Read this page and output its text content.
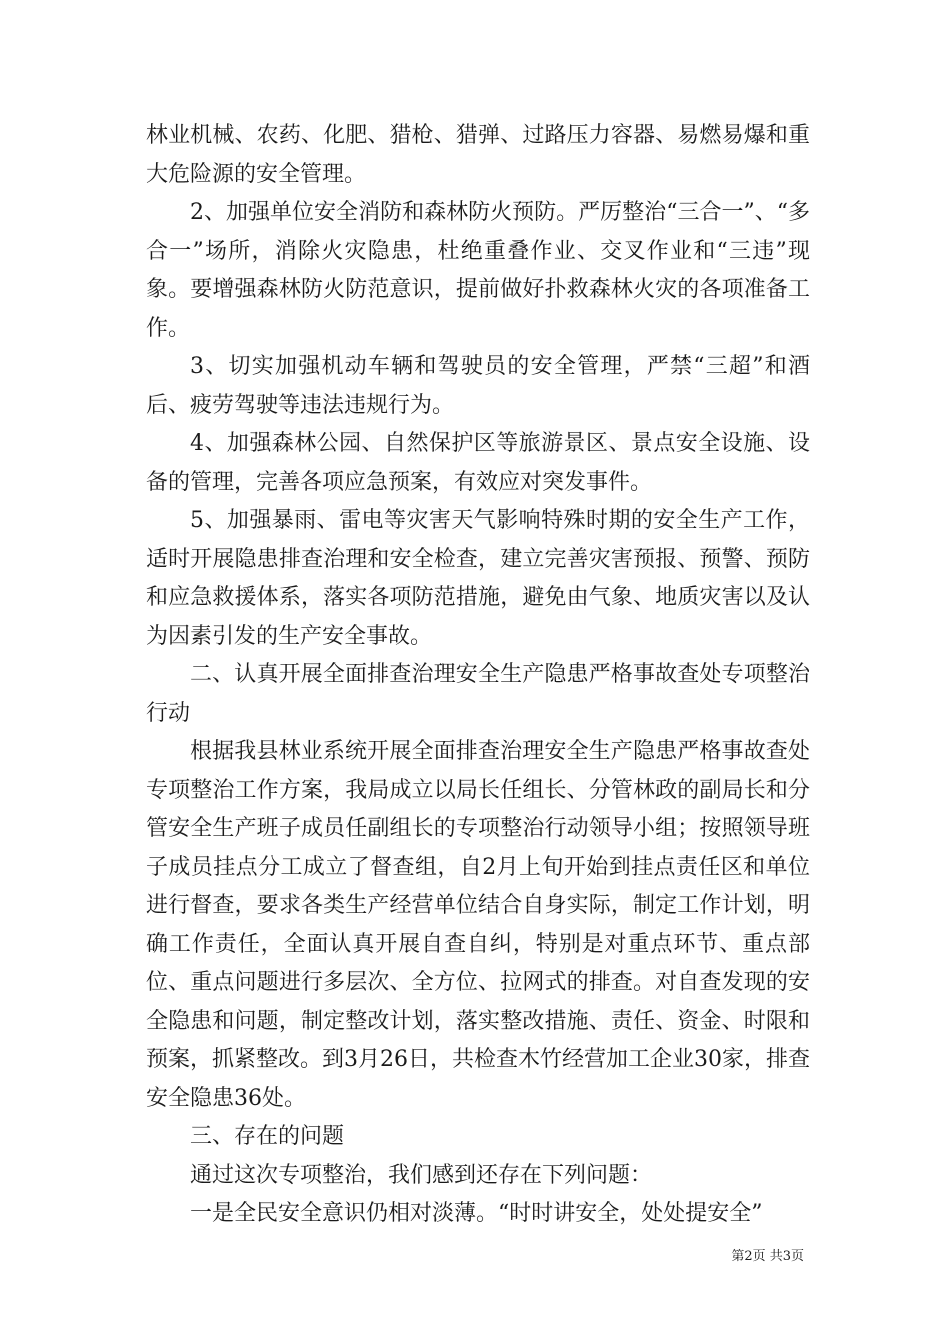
林业机械、农药、化肥、猎枪、猎弹、过路压力容器、易燃易爆和重大危险源的安全管理。

2、加强单位安全消防和森林防火预防。严厉整治“三合一”、“多合一”场所，消除火灾隐患，杜绝重叠作业、交叉作业和“三违”现象。要增强森林防火防范意识，提前做好扑救森林火灾的各项准备工作。

3、切实加强机动车辆和驾驶员的安全管理，严禁“三超”和酒后、疲劳驾驶等违法违规行为。

4、加强森林公园、自然保护区等旅游景区、景点安全设施、设备的管理，完善各项应急预案，有效应对突发事件。

5、加强暴雨、雷电等灾害天气影响特殊时期的安全生产工作，适时开展隐患排查治理和安全检查，建立完善灾害预报、预警、预防和应急救援体系，落实各项防范措施，避免由气象、地质灾害以及认为因素引发的生产安全事故。

二、认真开展全面排查治理安全生产隐患严格事故查处专项整治行动

根据我县林业系统开展全面排查治理安全生产隐患严格事故查处专项整治工作方案，我局成立以局长任组长、分管林政的副局长和分管安全生产班子成员任副组长的专项整治行动领导小组；按照领导班子成员挂点分工成立了督查组，自2月上旬开始到挂点责任区和单位进行督查，要求各类生产经营单位结合自身实际，制定工作计划，明确工作责任，全面认真开展自查自纠，特别是对重点环节、重点部位、重点问题进行多层次、全方位、拉网式的排查。对自查发现的安全隐患和问题，制定整改计划，落实整改措施、责任、资金、时限和预案，抓紧整改。到3月26日，共检查木竹经营加工企业30家，排查安全隐患36处。

三、存在的问题

通过这次专项整治，我们感到还存在下列问题：

一是全民安全意识仍相对淡薄。“时时讲安全，处处提安全”

第2页 共3页
